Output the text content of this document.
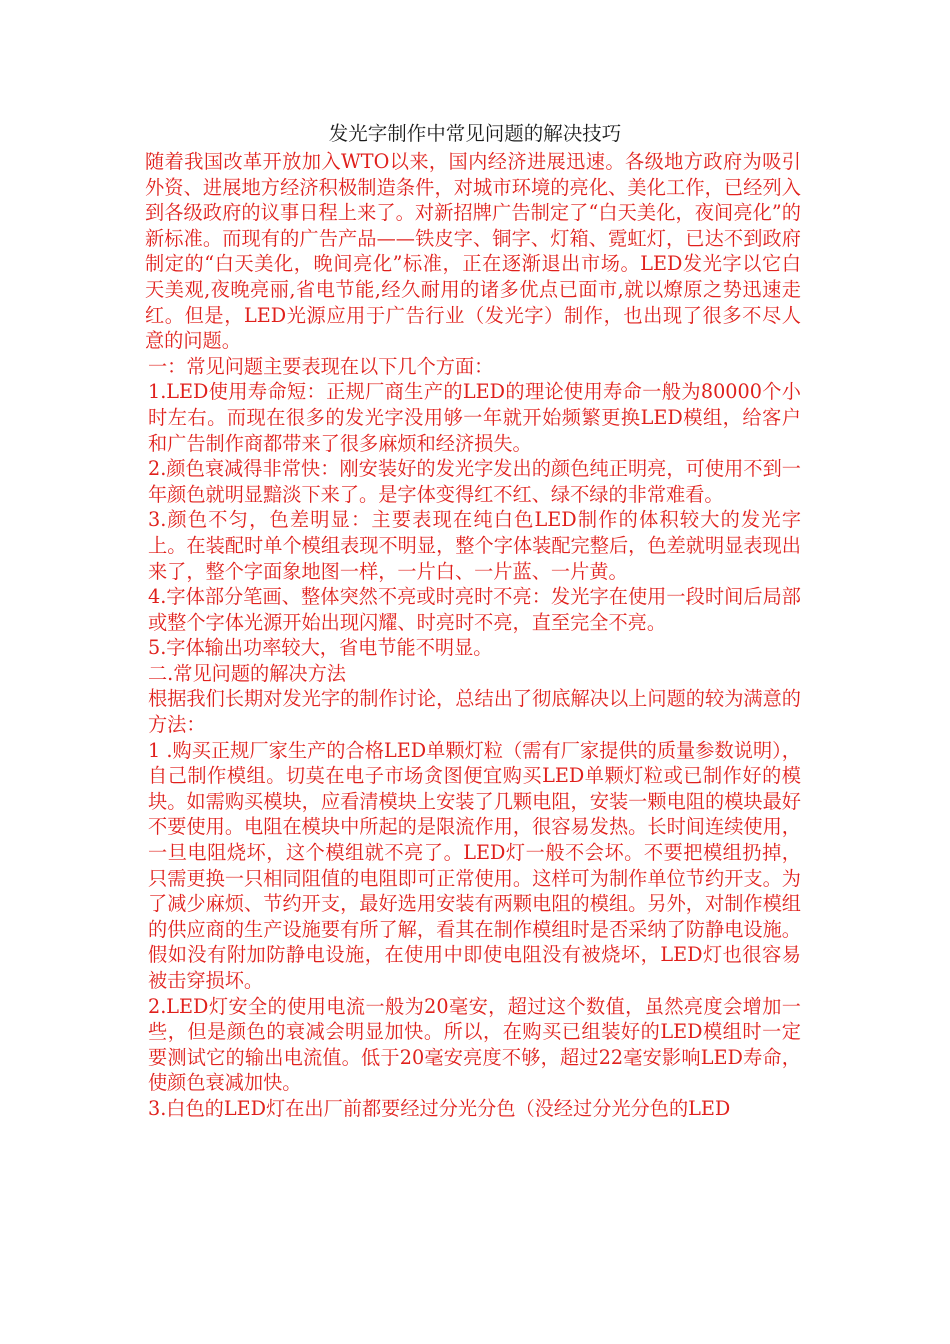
发光字制作中常见问题的解决技巧

随着我国改革开放加入WTO以来，国内经济进展迅速。各级地方政府为吸引外资、进展地方经济积极制造条件，对城市环境的亮化、美化工作，已经列入到各级政府的议事日程上来了。对新招牌广告制定了“白天美化，夜间亮化”的新标准。而现有的广告产品——铁皮字、铜字、灯箱、霓虹灯，已达不到政府制定的“白天美化，晚间亮化”标准，正在逐渐退出市场。LED发光字以它白天美观,夜晚亮丽,省电节能,经久耐用的诸多优点已面市,就以燎原之势迅速走红。但是，LED光源应用于广告行业（发光字）制作，也出现了很多不尽人意的问题。

一：常见问题主要表现在以下几个方面：

1.LED使用寿命短：正规厂商生产的LED的理论使用寿命一般为80000个小时左右。而现在很多的发光字没用够一年就开始频繁更换LED模组，给客户和广告制作商都带来了很多麻烦和经济损失。

2.颜色衰减得非常快：刚安装好的发光字发出的颜色纯正明亮，可使用不到一年颜色就明显黯淡下来了。是字体变得红不红、绿不绿的非常难看。

3.颜色不匀，色差明显：主要表现在纯白色LED制作的体积较大的发光字上。在装配时单个模组表现不明显，整个字体装配完整后，色差就明显表现出来了，整个字面象地图一样，一片白、一片蓝、一片黄。

4.字体部分笔画、整体突然不亮或时亮时不亮：发光字在使用一段时间后局部或整个字体光源开始出现闪耀、时亮时不亮，直至完全不亮。

5.字体输出功率较大，省电节能不明显。

二.常见问题的解决方法

根据我们长期对发光字的制作讨论，总结出了彻底解决以上问题的较为满意的方法：

1 .购买正规厂家生产的合格LED单颗灯粒（需有厂家提供的质量参数说明），自己制作模组。切莫在电子市场贪图便宜购买LED单颗灯粒或已制作好的模块。如需购买模块，应看清模块上安装了几颗电阻，安装一颗电阻的模块最好不要使用。电阻在模块中所起的是限流作用，很容易发热。长时间连续使用，一旦电阻烧坏，这个模组就不亮了。LED灯一般不会坏。不要把模组扔掉，只需更换一只相同阻值的电阻即可正常使用。这样可为制作单位节约开支。为了减少麻烦、节约开支，最好选用安装有两颗电阻的模组。另外，对制作模组的供应商的生产设施要有所了解，看其在制作模组时是否采纳了防静电设施。假如没有附加防静电设施，在使用中即使电阻没有被烧坏，LED灯也很容易被击穿损坏。

2.LED灯安全的使用电流一般为20毫安，超过这个数值，虽然亮度会增加一些，但是颜色的衰减会明显加快。所以，在购买已组装好的LED模组时一定要测试它的输出电流值。低于20毫安亮度不够，超过22毫安影响LED寿命，使颜色衰减加快。

3.白色的LED灯在出厂前都要经过分光分色（没经过分光分色的LED
